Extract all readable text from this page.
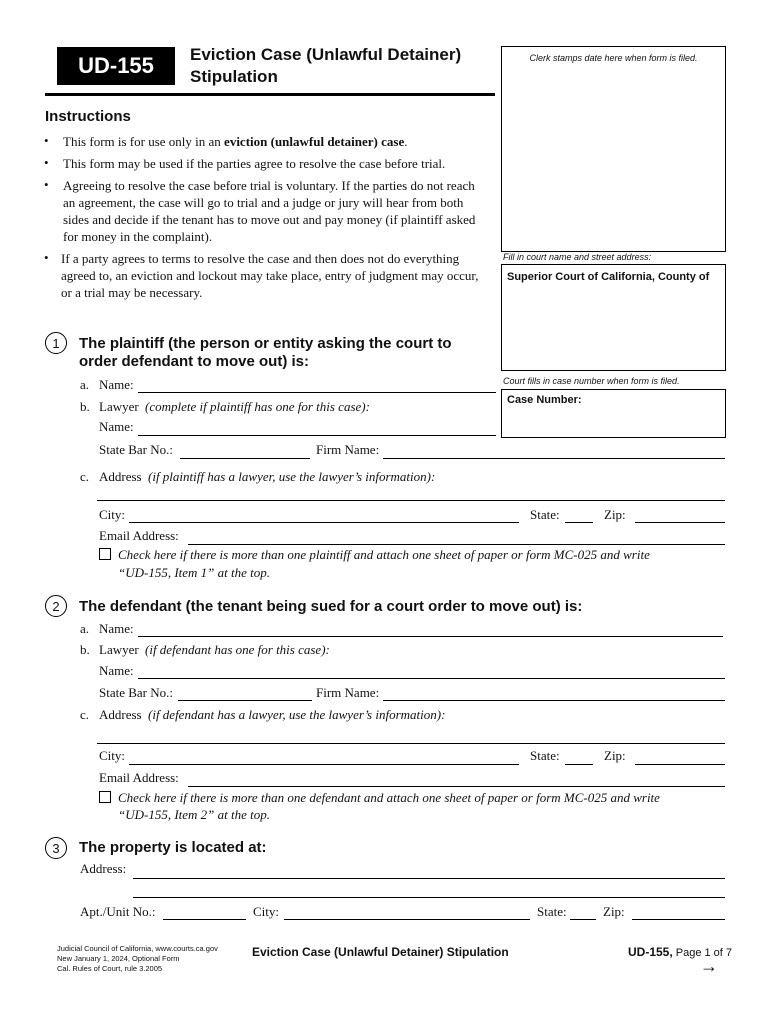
UD-155	Eviction Case (Unlawful Detainer)
Stipulation
Clerk stamps date here when form is filed.
Fill in court name and street address:
Superior Court of California, County of
Court fills in case number when form is filed.
Case Number:
Instructions
• This form is for use only in an eviction (unlawful detainer) case.
• This form may be used if the parties agree to resolve the case before trial.
• Agreeing to resolve the case before trial is voluntary. If the parties do not reach an agreement, the case will go to trial and a judge or jury will hear from both sides and decide if the tenant has to move out and pay money (if plaintiff asked for money in the complaint).
• If a party agrees to terms to resolve the case and then does not do everything agreed to, an eviction and lockout may take place, entry of judgment may occur, or a trial may be necessary.
1	The plaintiff (the person or entity asking the court to order defendant to move out) is:
a. Name:
b. Lawyer (complete if plaintiff has one for this case):
Name:
State Bar No.:	Firm Name:
c. Address (if plaintiff has a lawyer, use the lawyer’s information):
City:	State:	Zip:
Email Address:
Check here if there is more than one plaintiff and attach one sheet of paper or form MC-025 and write
“UD-155, Item 1” at the top.
2	The defendant (the tenant being sued for a court order to move out) is:
a. Name:
b. Lawyer (if defendant has one for this case):
Name:
State Bar No.:	Firm Name:
c. Address (if defendant has a lawyer, use the lawyer’s information):
City:	State:	Zip:
Email Address:
Check here if there is more than one defendant and attach one sheet of paper or form MC-025 and write
“UD-155, Item 2” at the top.
3	The property is located at:
Address:
Apt./Unit No.:	City:	State:	Zip:
Judicial Council of California, www.courts.ca.gov
New January 1, 2024, Optional Form
Cal. Rules of Court, rule 3.2005
Eviction Case (Unlawful Detainer) Stipulation	UD-155, Page 1 of 7
→
